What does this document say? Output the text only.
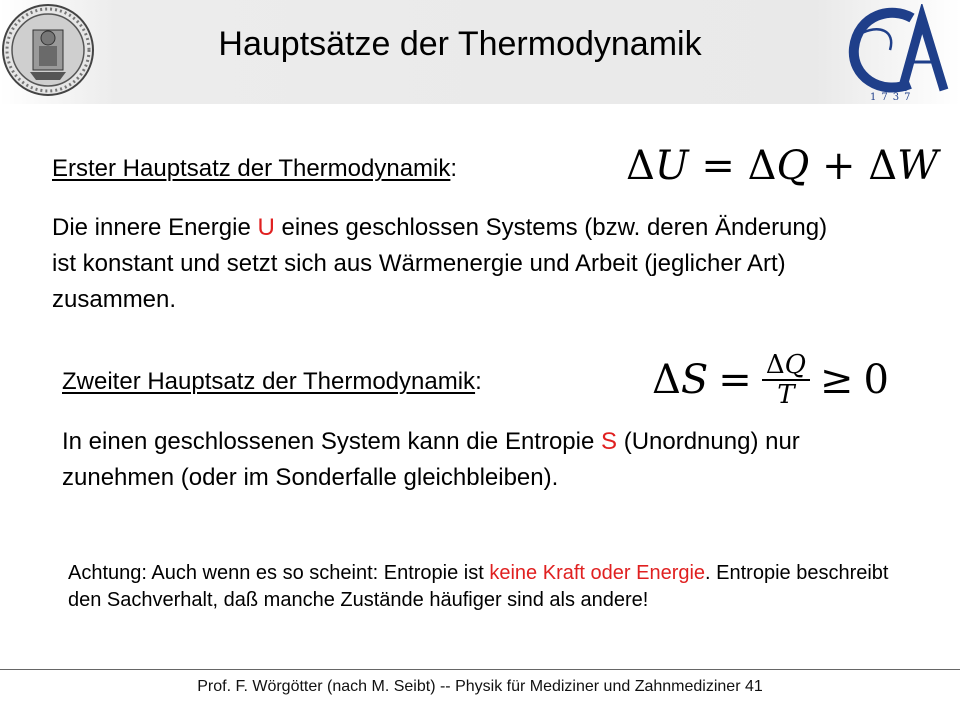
Hauptsätze der Thermodynamik
1737
Erster Hauptsatz der Thermodynamik:	ΔU = ΔQ + ΔW
Die innere Energie U eines geschlossen Systems (bzw. deren Änderung) ist konstant und setzt sich aus Wärmenergie und Arbeit (jeglicher Art) zusammen.
Zweiter Hauptsatz der Thermodynamik:	Δ $S = \frac{\Delta Q}{T} \ge 0$
In einen geschlossenen System kann die Entropie S (Unordnung) nur zunehmen (oder im Sonderfalle gleichbleiben).
Achtung: Auch wenn es so scheint: Entropie ist keine Kraft oder Energie. Entropie beschreibt den Sachverhalt, daß manche Zustände häufiger sind als andere!
Prof. F. Wörgötter (nach M. Seibt) -- Physik für Mediziner und Zahnmediziner 41
